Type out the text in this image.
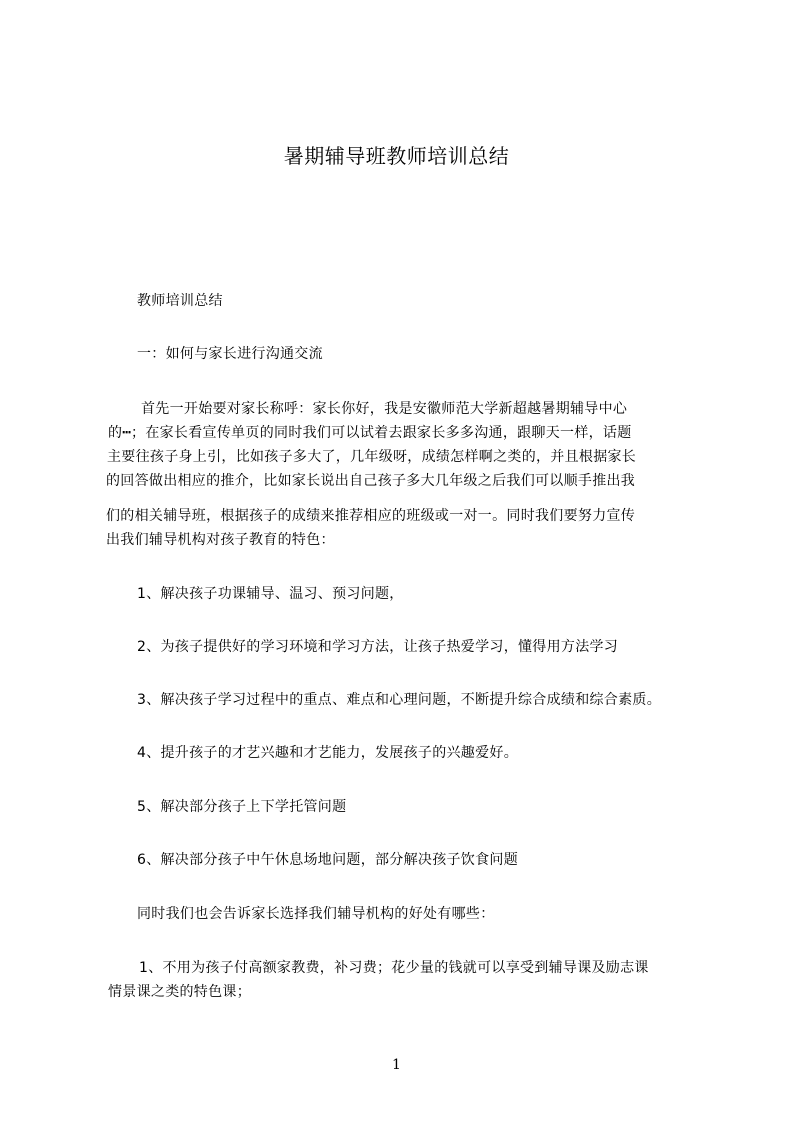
暑期辅导班教师培训总结
教师培训总结
一：如何与家长进行沟通交流
首先一开始要对家长称呼：家长你好，我是安徽师范大学新超越暑期辅导中心
的┅；在家长看宣传单页的同时我们可以试着去跟家长多多沟通，跟聊天一样，话题
主要往孩子身上引，比如孩子多大了，几年级呀，成绩怎样啊之类的，并且根据家长
的回答做出相应的推介，比如家长说出自己孩子多大几年级之后我们可以顺手推出我
们的相关辅导班，根据孩子的成绩来推荐相应的班级或一对一。同时我们要努力宣传
出我们辅导机构对孩子教育的特色：
1、解决孩子功课辅导、温习、预习问题，
2、为孩子提供好的学习环境和学习方法，让孩子热爱学习，懂得用方法学习
3、解决孩子学习过程中的重点、难点和心理问题，不断提升综合成绩和综合素质。
4、提升孩子的才艺兴趣和才艺能力，发展孩子的兴趣爱好。
5、解决部分孩子上下学托管问题
6、解决部分孩子中午休息场地问题，部分解决孩子饮食问题
同时我们也会告诉家长选择我们辅导机构的好处有哪些：
1、不用为孩子付高额家教费，补习费；花少量的钱就可以享受到辅导课及励志课
情景课之类的特色课；
1
